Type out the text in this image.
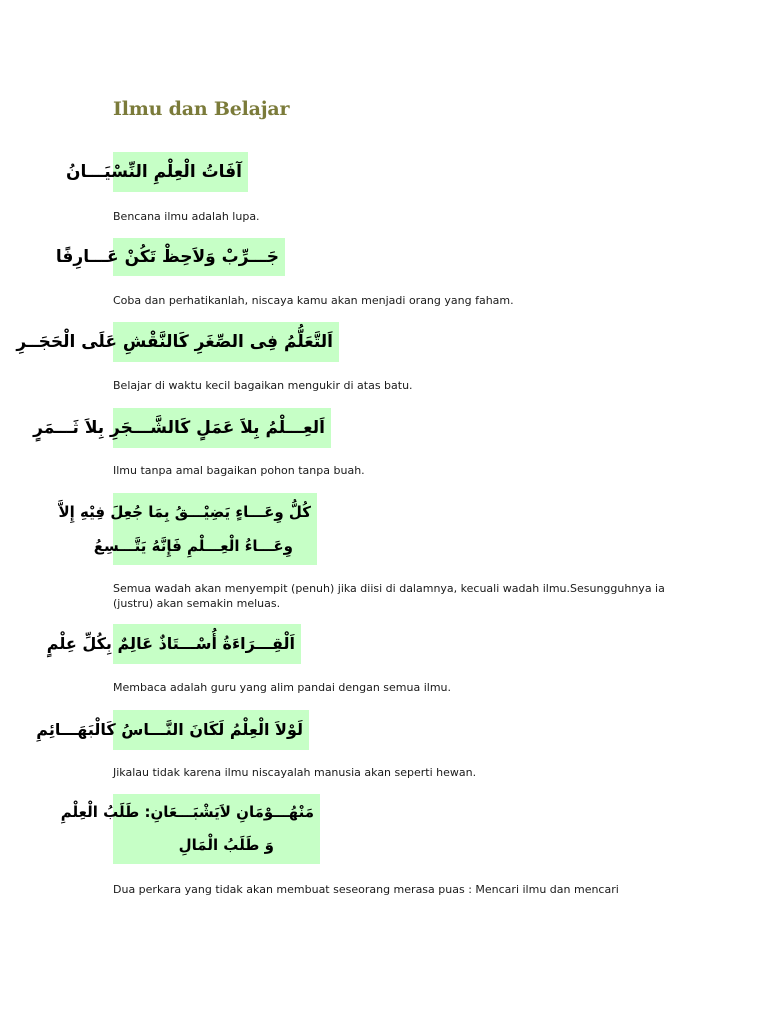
Ilmu dan Belajar
آفَاتُ الْعِلْمِ النِّسْيَـــانُ

Bencana ilmu adalah lupa.

جَـــرِّبْ وَلاَحِظْ تَكُنْ عَـــارِفًا

Coba dan perhatikanlah, niscaya kamu akan menjadi orang yang faham.

اَلتَّعَلُّمُ فِى الصِّغَرِ كَالنَّقْشِ عَلَى الْحَجَــرِ

Belajar di waktu kecil bagaikan mengukir di atas batu.

اَلعِـــلْمُ بِلاَ عَمَلٍ كَالشَّـــجَرِ بِلاَ ثَـــمَرٍ

Ilmu tanpa amal bagaikan pohon tanpa buah.

كُلُّ وِعَـــاءٍ يَضِيْـــقُ بِمَا جُعِلَ فِيْهِ إِلاَّ
وِعَـــاءُ الْعِـــلْمِ فَإِنَّهُ يَتَّـــسِعُ

Semua wadah akan menyempit (penuh) jika diisi di dalamnya, kecuali wadah ilmu.Sesungguhnya ia (justru) akan semakin meluas.

اَلْقِـــرَاءَةُ أُسْـــتَاذٌ عَالِمٌ بِكُلِّ عِلْمٍ

Membaca adalah guru yang alim pandai dengan semua ilmu.

لَوْلاَ الْعِلْمُ لَكَانَ النَّـــاسُ كَالْبَهَـــائِمِ

Jikalau tidak karena ilmu niscayalah manusia akan seperti hewan.

مَنْهُـــوْمَانِ لاَيَشْبَـــعَانِ: طَلَبُ الْعِلْمِ
وَ طَلَبُ الْمَالِ

Dua perkara yang tidak akan membuat seseorang merasa puas : Mencari ilmu dan mencari
